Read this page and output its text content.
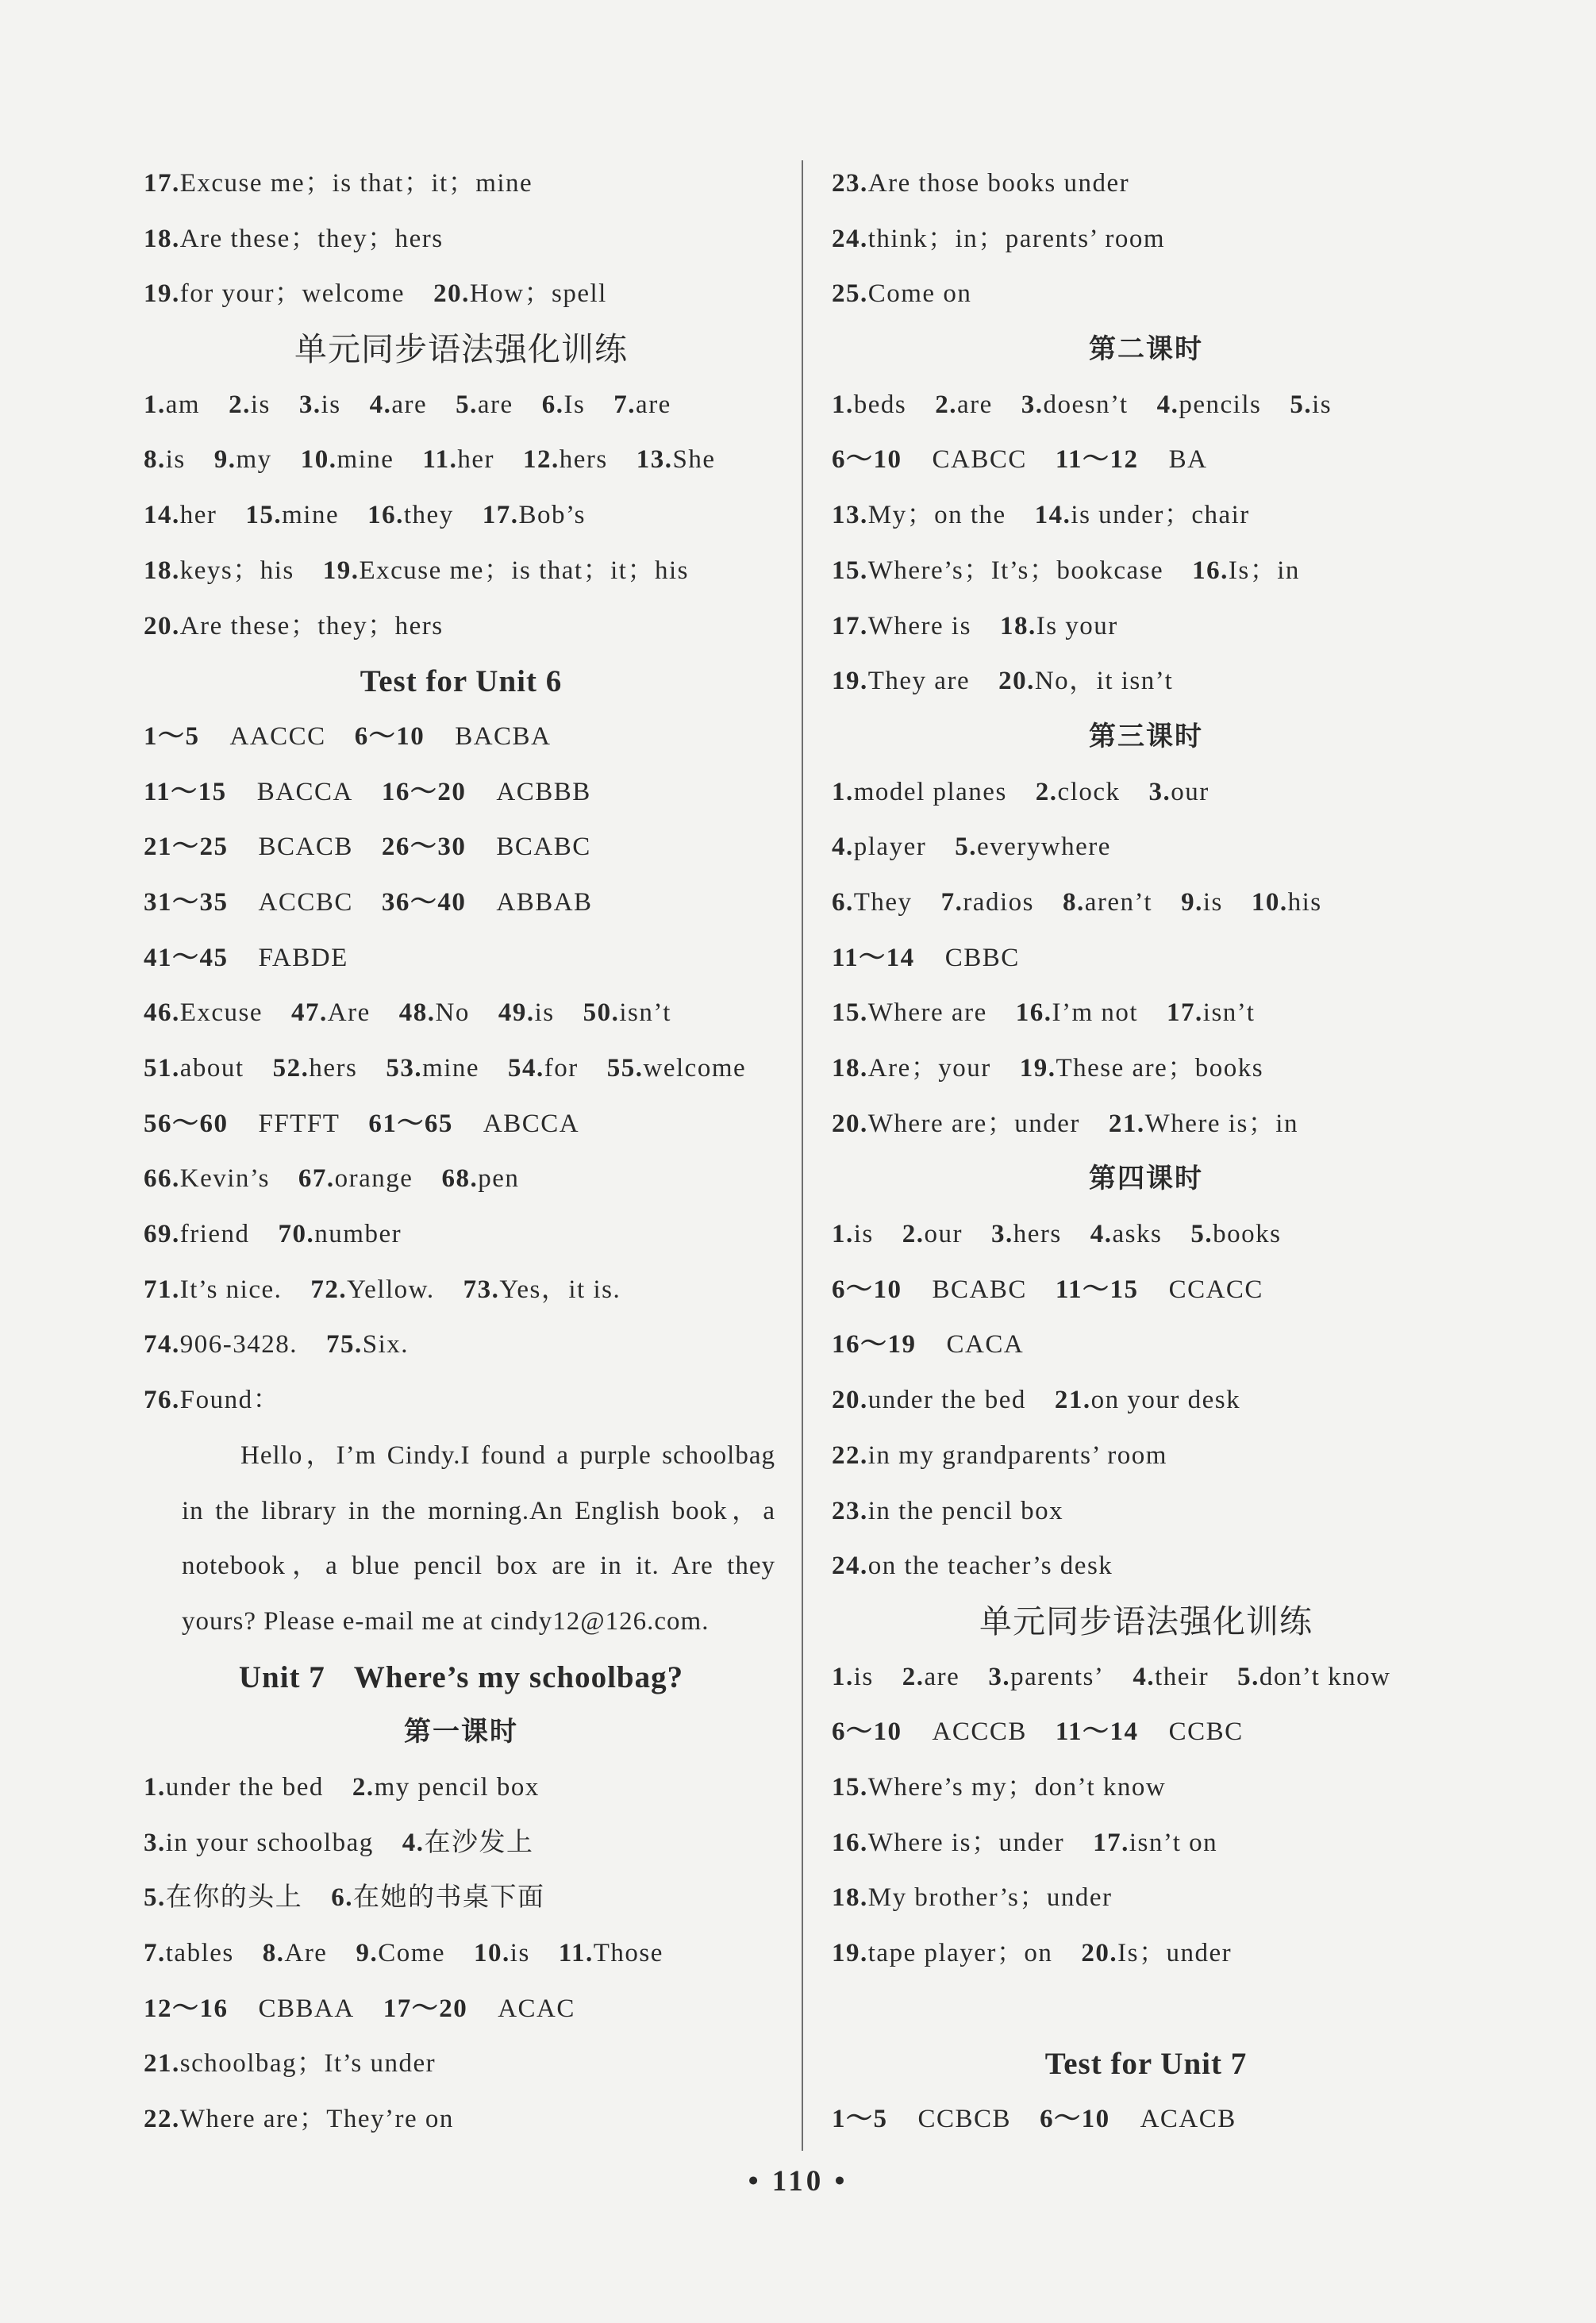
17.Excuse me；is that；it；mine
18.Are these；they；hers
19.for your；welcome 20.How；spell
单元同步语法强化训练
1.am 2.is 3.is 4.are 5.are 6.Is 7.are
8.is 9.my 10.mine 11.her 12.hers 13.She
14.her 15.mine 16.they 17.Bob’s
18.keys；his 19.Excuse me；is that；it；his
20.Are these；they；hers
Test for Unit 6
1～5 AACCC 6～10 BACBA
11～15 BACCA 16～20 ACBBB
21～25 BCACB 26～30 BCABC
31～35 ACCBC 36～40 ABBAB
41～45 FABDE
46.Excuse 47.Are 48.No 49.is 50.isn’t
51.about 52.hers 53.mine 54.for 55.welcome
56～60 FFTFT 61～65 ABCCA
66.Kevin’s 67.orange 68.pen
69.friend 70.number
71.It’s nice. 72.Yellow. 73.Yes，it is.
74.906-3428. 75.Six.
76.Found：
Hello，I’m Cindy.I found a purple schoolbag
in the library in the morning.An English book，a
notebook，a blue pencil box are in it. Are they
yours? Please e-mail me at cindy12@126.com.
Unit 7 Where’s my schoolbag?
第一课时
1.under the bed 2.my pencil box
3.in your schoolbag 4.在沙发上
5.在你的头上 6.在她的书桌下面
7.tables 8.Are 9.Come 10.is 11.Those
12～16 CBBAA 17～20 ACAC
21.schoolbag；It’s under
22.Where are；They’re on
23.Are those books under
24.think；in；parents’ room
25.Come on
第二课时
1.beds 2.are 3.doesn’t 4.pencils 5.is
6～10 CABCC 11～12 BA
13.My；on the 14.is under；chair
15.Where’s；It’s；bookcase 16.Is；in
17.Where is 18.Is your
19.They are 20.No，it isn’t
第三课时
1.model planes 2.clock 3.our
4.player 5.everywhere
6.They 7.radios 8.aren’t 9.is 10.his
11～14 CBBC
15.Where are 16.I’m not 17.isn’t
18.Are；your 19.These are；books
20.Where are；under 21.Where is；in
第四课时
1.is 2.our 3.hers 4.asks 5.books
6～10 BCABC 11～15 CCACC
16～19 CACA
20.under the bed 21.on your desk
22.in my grandparents’ room
23.in the pencil box
24.on the teacher’s desk
单元同步语法强化训练
1.is 2.are 3.parents’ 4.their 5.don’t know
6～10 ACCCB 11～14 CCBC
15.Where’s my；don’t know
16.Where is；under 17.isn’t on
18.My brother’s；under
19.tape player；on 20.Is；under
Test for Unit 7
1～5 CCBCB 6～10 ACACB
• 110 •
